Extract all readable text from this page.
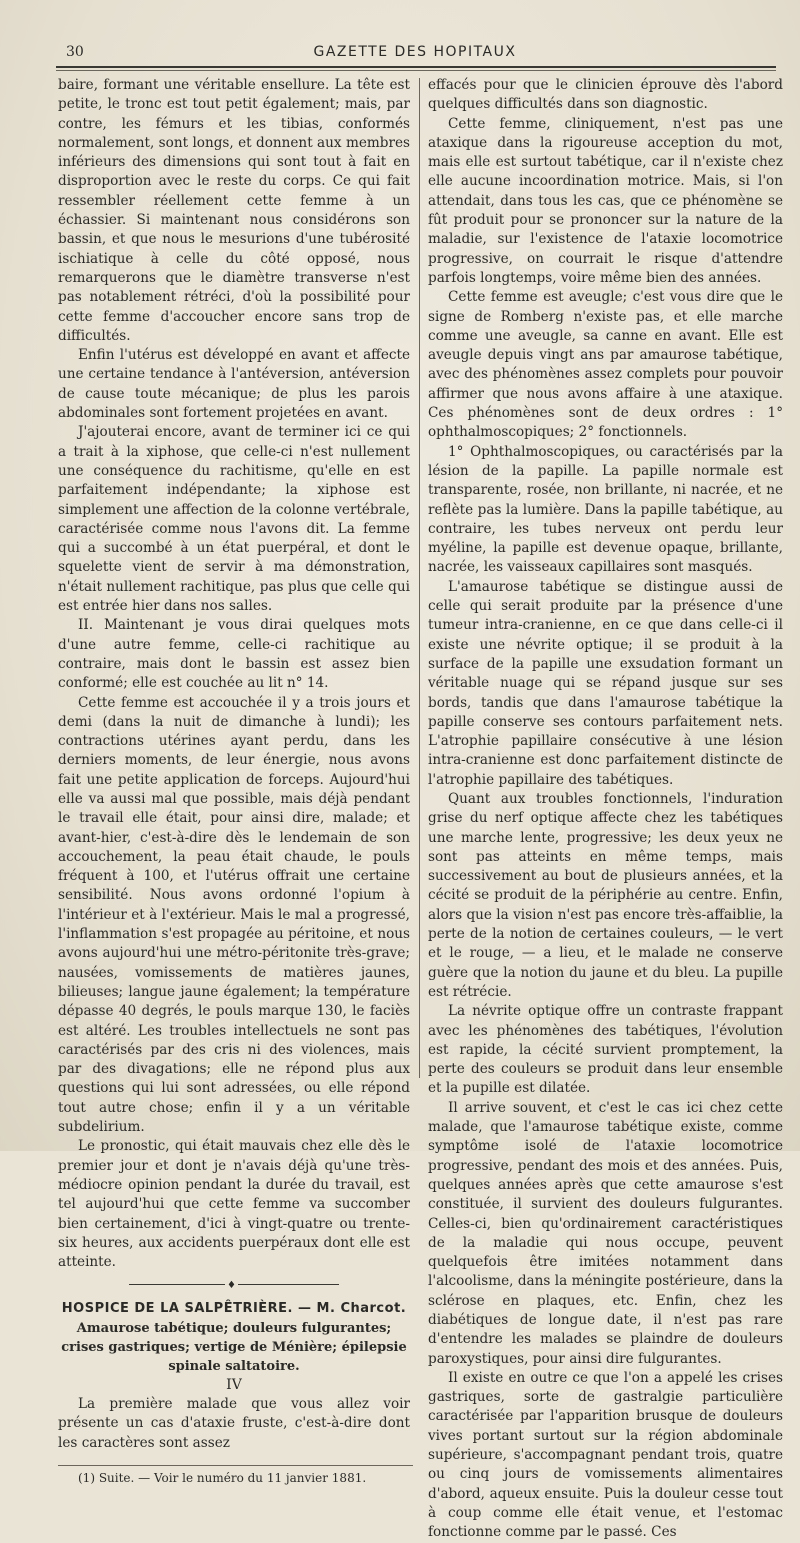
30	GAZETTE DES HOPITAUX

baire, formant une véritable ensellure. La tête est petite, le tronc est tout petit également; mais, par contre, les fémurs et les tibias, conformés normalement, sont longs, et donnent aux membres inférieurs des dimensions qui sont tout à fait en disproportion avec le reste du corps. Ce qui fait ressembler réellement cette femme à un échassier. Si maintenant nous considérons son bassin, et que nous le mesurions d'une tubérosité ischiatique à celle du côté opposé, nous remarquerons que le diamètre transverse n'est pas notablement rétréci, d'où la possibilité pour cette femme d'accoucher encore sans trop de difficultés.

Enfin l'utérus est développé en avant et affecte une certaine tendance à l'antéversion, antéversion de cause toute mécanique; de plus les parois abdominales sont fortement projetées en avant.

J'ajouterai encore, avant de terminer ici ce qui a trait à la xiphose, que celle-ci n'est nullement une conséquence du rachitisme, qu'elle en est parfaitement indépendante; la xiphose est simplement une affection de la colonne vertébrale, caractérisée comme nous l'avons dit. La femme qui a succombé à un état puerpéral, et dont le squelette vient de servir à ma démonstration, n'était nullement rachitique, pas plus que celle qui est entrée hier dans nos salles.

II. Maintenant je vous dirai quelques mots d'une autre femme, celle-ci rachitique au contraire, mais dont le bassin est assez bien conformé; elle est couchée au lit n° 14.

Cette femme est accouchée il y a trois jours et demi (dans la nuit de dimanche à lundi); les contractions utérines ayant perdu, dans les derniers moments, de leur énergie, nous avons fait une petite application de forceps. Aujourd'hui elle va aussi mal que possible, mais déjà pendant le travail elle était, pour ainsi dire, malade; et avant-hier, c'est-à-dire dès le lendemain de son accouchement, la peau était chaude, le pouls fréquent à 100, et l'utérus offrait une certaine sensibilité. Nous avons ordonné l'opium à l'intérieur et à l'extérieur. Mais le mal a progressé, l'inflammation s'est propagée au péritoine, et nous avons aujourd'hui une métro-péritonite très-grave; nausées, vomissements de matières jaunes, bilieuses; langue jaune également; la température dépasse 40 degrés, le pouls marque 130, le faciès est altéré. Les troubles intellectuels ne sont pas caractérisés par des cris ni des violences, mais par des divagations; elle ne répond plus aux questions qui lui sont adressées, ou elle répond tout autre chose; enfin il y a un véritable subdelirium.

Le pronostic, qui était mauvais chez elle dès le premier jour et dont je n'avais déjà qu'une très-médiocre opinion pendant la durée du travail, est tel aujourd'hui que cette femme va succomber bien certainement, d'ici à vingt-quatre ou trente-six heures, aux accidents puerpéraux dont elle est atteinte.

♦

HOSPICE DE LA SALPÊTRIÈRE. — M. Charcot.

Amaurose tabétique; douleurs fulgurantes; crises gastriques; vertige de Ménière; épilepsie spinale saltatoire.

IV

La première malade que vous allez voir présente un cas d'ataxie fruste, c'est-à-dire dont les caractères sont assez

(1) Suite. — Voir le numéro du 11 janvier 1881.

effacés pour que le clinicien éprouve dès l'abord quelques difficultés dans son diagnostic.

Cette femme, cliniquement, n'est pas une ataxique dans la rigoureuse acception du mot, mais elle est surtout tabétique, car il n'existe chez elle aucune incoordination motrice. Mais, si l'on attendait, dans tous les cas, que ce phénomène se fût produit pour se prononcer sur la nature de la maladie, sur l'existence de l'ataxie locomotrice progressive, on courrait le risque d'attendre parfois longtemps, voire même bien des années.

Cette femme est aveugle; c'est vous dire que le signe de Romberg n'existe pas, et elle marche comme une aveugle, sa canne en avant. Elle est aveugle depuis vingt ans par amaurose tabétique, avec des phénomènes assez complets pour pouvoir affirmer que nous avons affaire à une ataxique. Ces phénomènes sont de deux ordres : 1° ophthalmoscopiques; 2° fonctionnels.

1° Ophthalmoscopiques, ou caractérisés par la lésion de la papille. La papille normale est transparente, rosée, non brillante, ni nacrée, et ne reflète pas la lumière. Dans la papille tabétique, au contraire, les tubes nerveux ont perdu leur myéline, la papille est devenue opaque, brillante, nacrée, les vaisseaux capillaires sont masqués.

L'amaurose tabétique se distingue aussi de celle qui serait produite par la présence d'une tumeur intra-cranienne, en ce que dans celle-ci il existe une névrite optique; il se produit à la surface de la papille une exsudation formant un véritable nuage qui se répand jusque sur ses bords, tandis que dans l'amaurose tabétique la papille conserve ses contours parfaitement nets. L'atrophie papillaire consécutive à une lésion intra-cranienne est donc parfaitement distincte de l'atrophie papillaire des tabétiques.

Quant aux troubles fonctionnels, l'induration grise du nerf optique affecte chez les tabétiques une marche lente, progressive; les deux yeux ne sont pas atteints en même temps, mais successivement au bout de plusieurs années, et la cécité se produit de la périphérie au centre. Enfin, alors que la vision n'est pas encore très-affaiblie, la perte de la notion de certaines couleurs, — le vert et le rouge, — a lieu, et le malade ne conserve guère que la notion du jaune et du bleu. La pupille est rétrécie.

La névrite optique offre un contraste frappant avec les phénomènes des tabétiques, l'évolution est rapide, la cécité survient promptement, la perte des couleurs se produit dans leur ensemble et la pupille est dilatée.

Il arrive souvent, et c'est le cas ici chez cette malade, que l'amaurose tabétique existe, comme symptôme isolé de l'ataxie locomotrice progressive, pendant des mois et des années. Puis, quelques années après que cette amaurose s'est constituée, il survient des douleurs fulgurantes. Celles-ci, bien qu'ordinairement caractéristiques de la maladie qui nous occupe, peuvent quelquefois être imitées notamment dans l'alcoolisme, dans la méningite postérieure, dans la sclérose en plaques, etc. Enfin, chez les diabétiques de longue date, il n'est pas rare d'entendre les malades se plaindre de douleurs paroxystiques, pour ainsi dire fulgurantes.

Il existe en outre ce que l'on a appelé les crises gastriques, sorte de gastralgie particulière caractérisée par l'apparition brusque de douleurs vives portant surtout sur la région abdominale supérieure, s'accompagnant pendant trois, quatre ou cinq jours de vomissements alimentaires d'abord, aqueux ensuite. Puis la douleur cesse tout à coup comme elle était venue, et l'estomac fonctionne comme par le passé. Ces
